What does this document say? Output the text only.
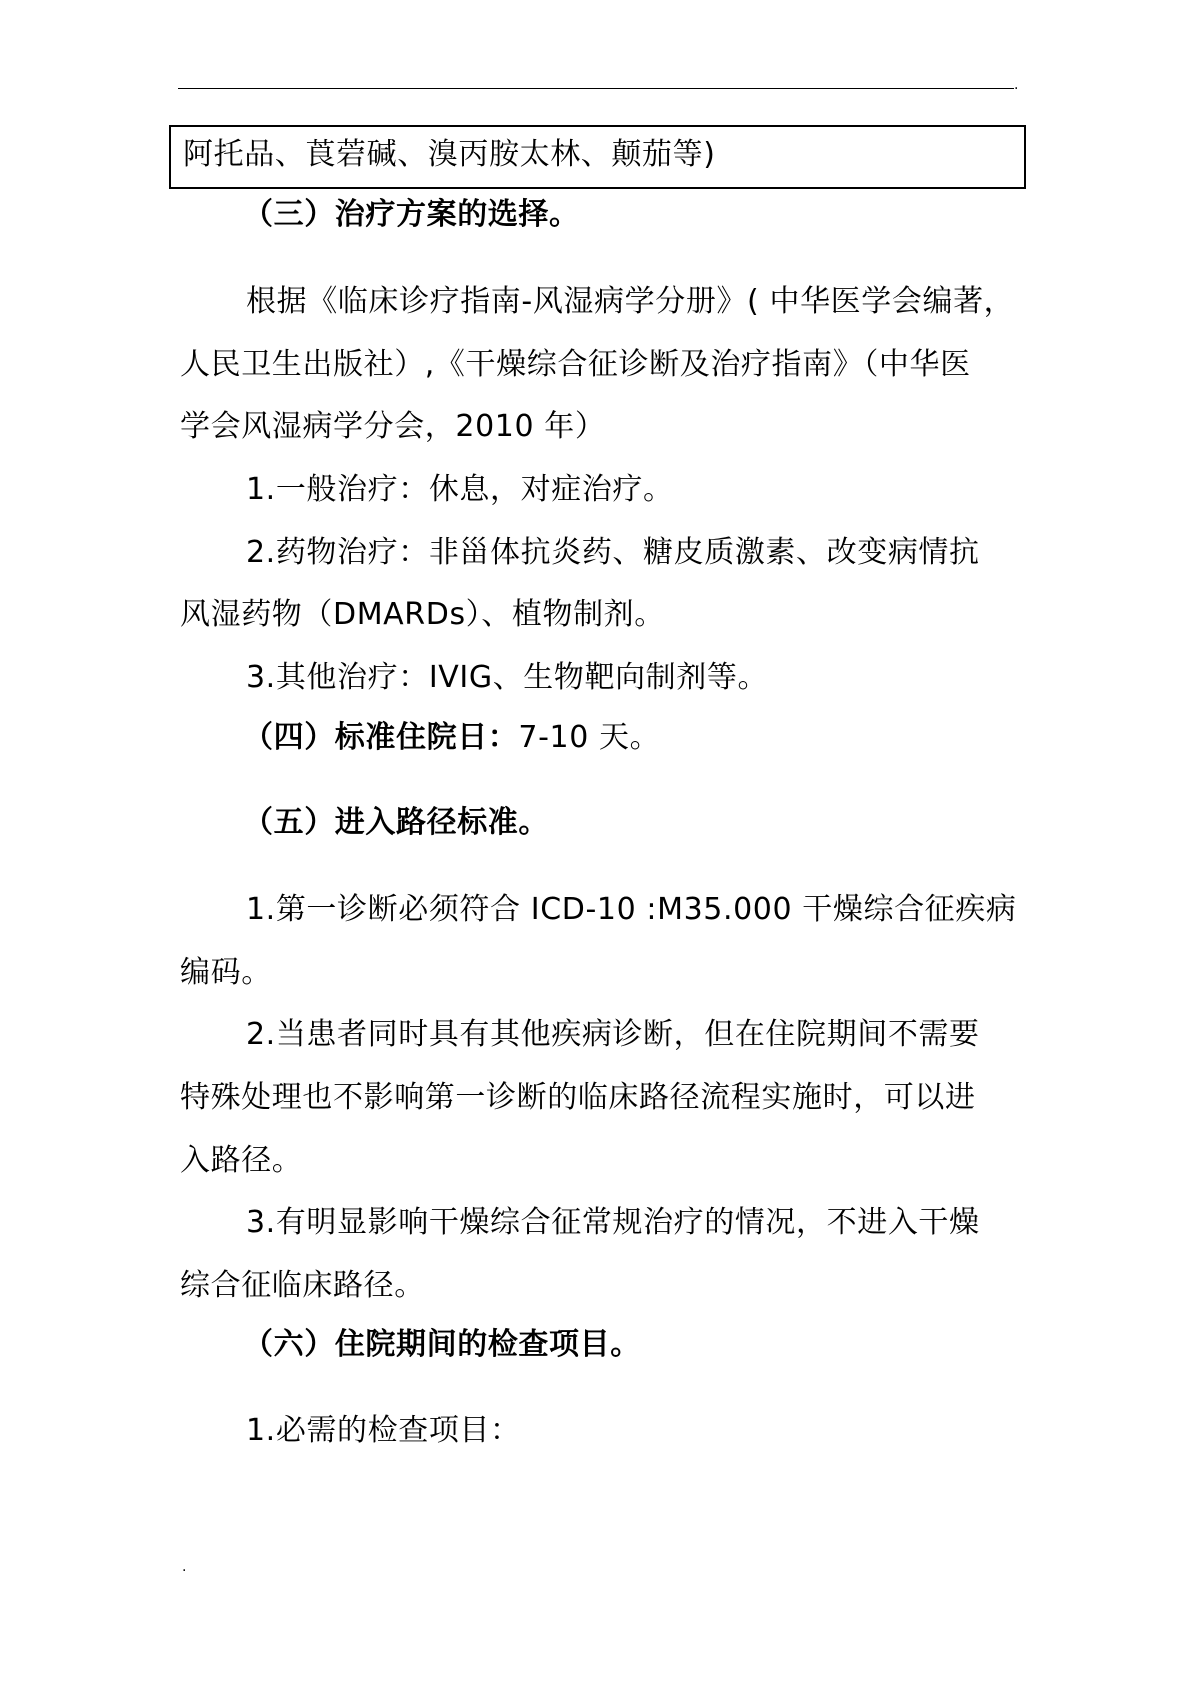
.
阿托品、莨菪碱、溴丙胺太林、颠茄等)
（三）治疗方案的选择。
根据《临床诊疗指南-风湿病学分册》( 中华医学会编著，
人民卫生出版社）,《干燥综合征诊断及治疗指南》（中华医
学会风湿病学分会，2010 年）
1.一般治疗：休息，对症治疗。
2.药物治疗：非甾体抗炎药、糖皮质激素、改变病情抗
风湿药物（DMARDs）、植物制剂。
3.其他治疗：IVIG、生物靶向制剂等。
（四）标准住院日：7-10 天。
（五）进入路径标准。
1.第一诊断必须符合 ICD-10 :M35.000 干燥综合征疾病
编码。
2.当患者同时具有其他疾病诊断，但在住院期间不需要
特殊处理也不影响第一诊断的临床路径流程实施时，可以进
入路径。
3.有明显影响干燥综合征常规治疗的情况，不进入干燥
综合征临床路径。
（六）住院期间的检查项目。
1.必需的检查项目：
.
